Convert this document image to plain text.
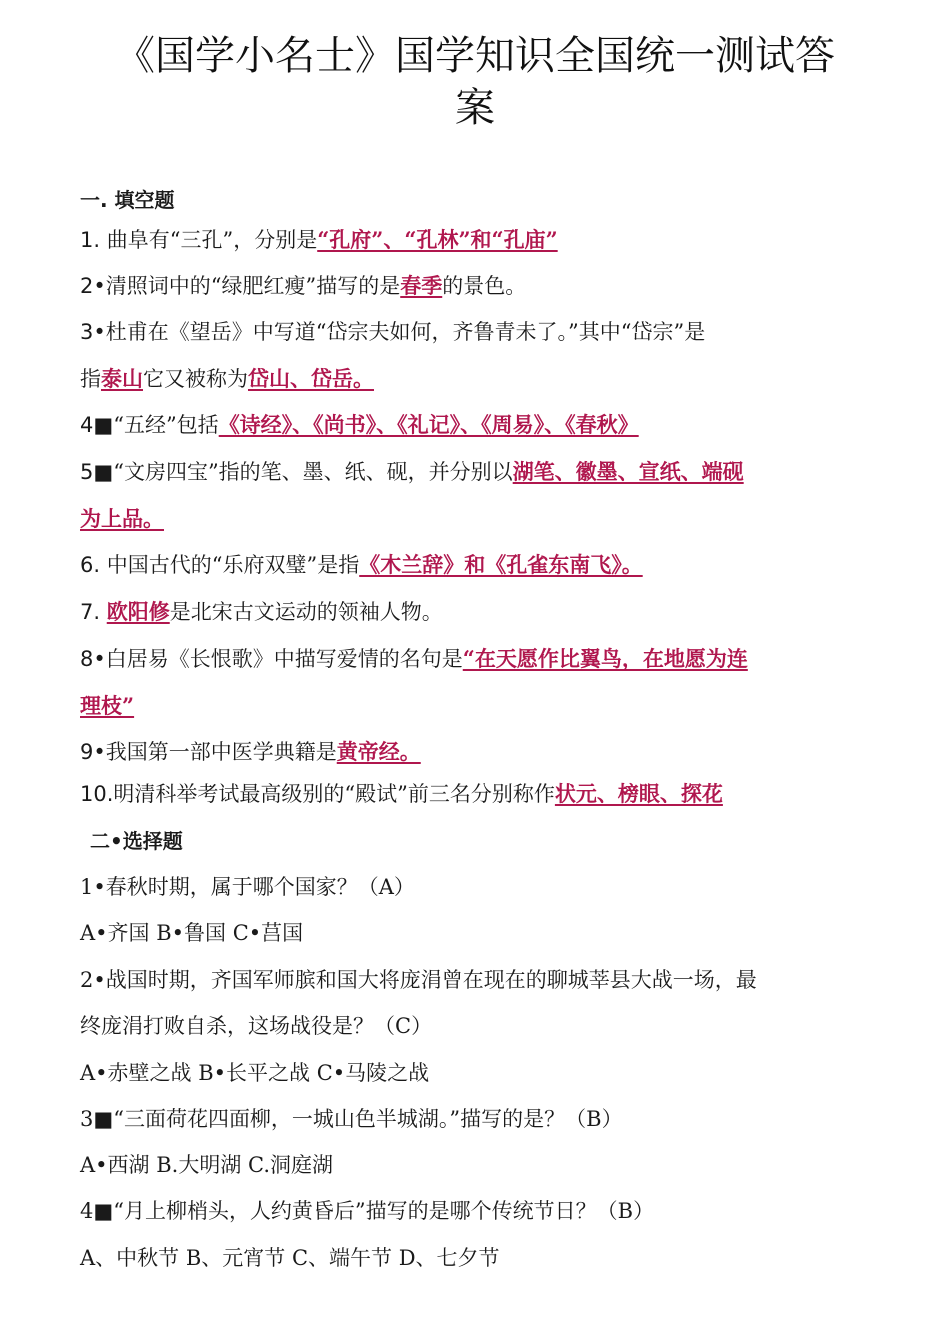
《国学小名士》国学知识全国统一测试答
案
一. 填空题
1. 曲阜有“三孔”，分别是“孔府”、“孔林”和“孔庙”
2•清照词中的“绿肥红瘦”描写的是春季的景色。
3•杜甫在《望岳》中写道“岱宗夫如何，齐鲁青未了。”其中“岱宗”是
指泰山它又被称为岱山、岱岳。
4■“五经”包括《诗经》、《尚书》、《礼记》、《周易》、《春秋》
5■“文房四宝”指的笔、墨、纸、砚，并分别以湖笔、徽墨、宣纸、端砚
为上品。
6. 中国古代的“乐府双璧”是指《木兰辞》和《孔雀东南飞》。
7. 欧阳修是北宋古文运动的领袖人物。
8•白居易《长恨歌》中描写爱情的名句是“在天愿作比翼鸟，在地愿为连
理枝”
9•我国第一部中医学典籍是黄帝经。
10.明清科举考试最高级别的“殿试”前三名分别称作状元、榜眼、探花
二•选择题
1•春秋时期，属于哪个国家？（A）
A•齐国 B•鲁国 C•莒国
2•战国时期，齐国军师膑和国大将庞涓曾在现在的聊城莘县大战一场，最
终庞涓打败自杀，这场战役是？（C）
A•赤壁之战 B•长平之战 C•马陵之战
3■“三面荷花四面柳，一城山色半城湖。”描写的是？（B）
A•西湖 B.大明湖 C.洞庭湖
4■“月上柳梢头，人约黄昏后”描写的是哪个传统节日？（B）
A、中秋节 B、元宵节 C、端午节 D、七夕节
